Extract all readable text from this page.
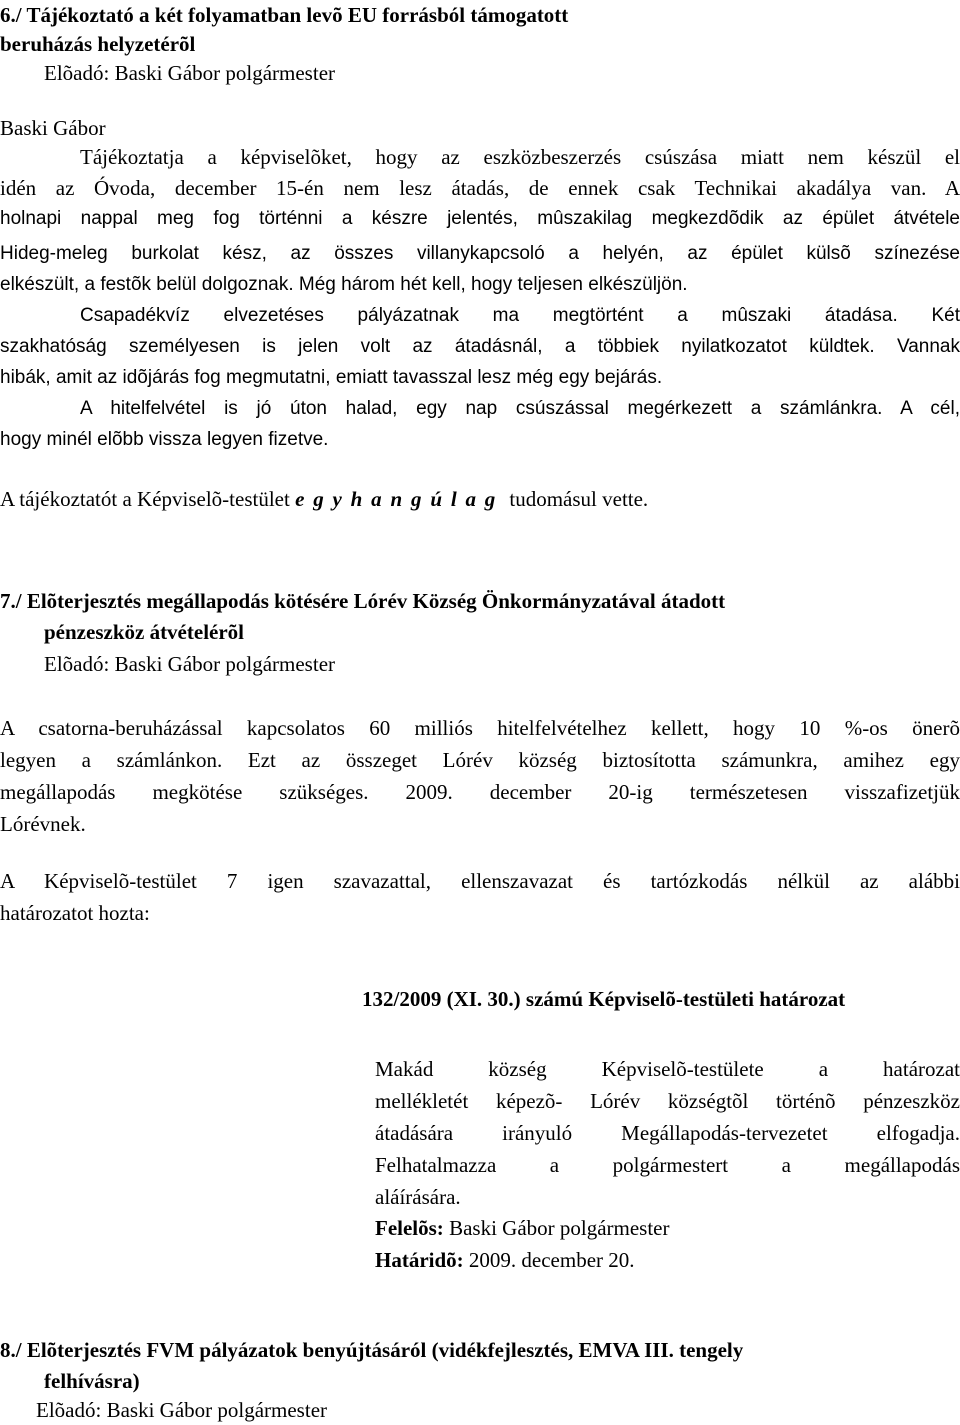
6./ Tájékoztató a két folyamatban levõ EU forrásból támogatott
beruházás helyzetérõl
Elõadó: Baski Gábor polgármester
Baski Gábor
Tájékoztatja a képviselõket, hogy az eszközbeszerzés csúszása miatt nem készül el
idén az Óvoda, december 15-én nem lesz átadás, de ennek csak Technikai akadálya van. A
holnapi nappal meg fog történni a készre jelentés, mûszakilag megkezdõdik az épület átvétele
Hideg-meleg burkolat kész, az összes villanykapcsoló a helyén, az épület külsõ színezése
elkészült, a festõk belül dolgoznak. Még három hét kell, hogy teljesen elkészüljön.
Csapadékvíz elvezetéses pályázatnak ma megtörtént a mûszaki átadása. Két
szakhatóság személyesen is jelen volt az átadásnál, a többiek nyilatkozatot küldtek. Vannak
hibák, amit az idõjárás fog megmutatni, emiatt tavasszal lesz még egy bejárás.
A hitelfelvétel is jó úton halad, egy nap csúszással megérkezett a számlánkra. A cél,
hogy minél elõbb vissza legyen fizetve.
A tájékoztatót a Képviselõ-testület egyhangúlag tudomásul vette.
7./ Elõterjesztés megállapodás kötésére Lórév Község Önkormányzatával átadott
pénzeszköz átvételérõl
Elõadó: Baski Gábor polgármester
A csatorna-beruházással kapcsolatos 60 milliós hitelfelvételhez kellett, hogy 10 %-os önerõ
legyen a számlánkon. Ezt az összeget Lórév község biztosította számunkra, amihez egy
megállapodás megkötése szükséges. 2009. december 20-ig természetesen visszafizetjük
Lórévnek.
A Képviselõ-testület 7 igen szavazattal, ellenszavazat és tartózkodás nélkül az alábbi
határozatot hozta:
132/2009 (XI. 30.) számú Képviselõ-testületi határozat
Makád község Képviselõ-testülete a határozat
mellékletét képezõ- Lórév községtõl történõ pénzeszköz
átadására irányuló Megállapodás-tervezetet elfogadja.
Felhatalmazza a polgármestert a megállapodás
aláírására.
Felelõs: Baski Gábor polgármester
Határidõ: 2009. december 20.
8./ Elõterjesztés FVM pályázatok benyújtásáról (vidékfejlesztés, EMVA III. tengely
felhívásra)
Elõadó: Baski Gábor polgármester
